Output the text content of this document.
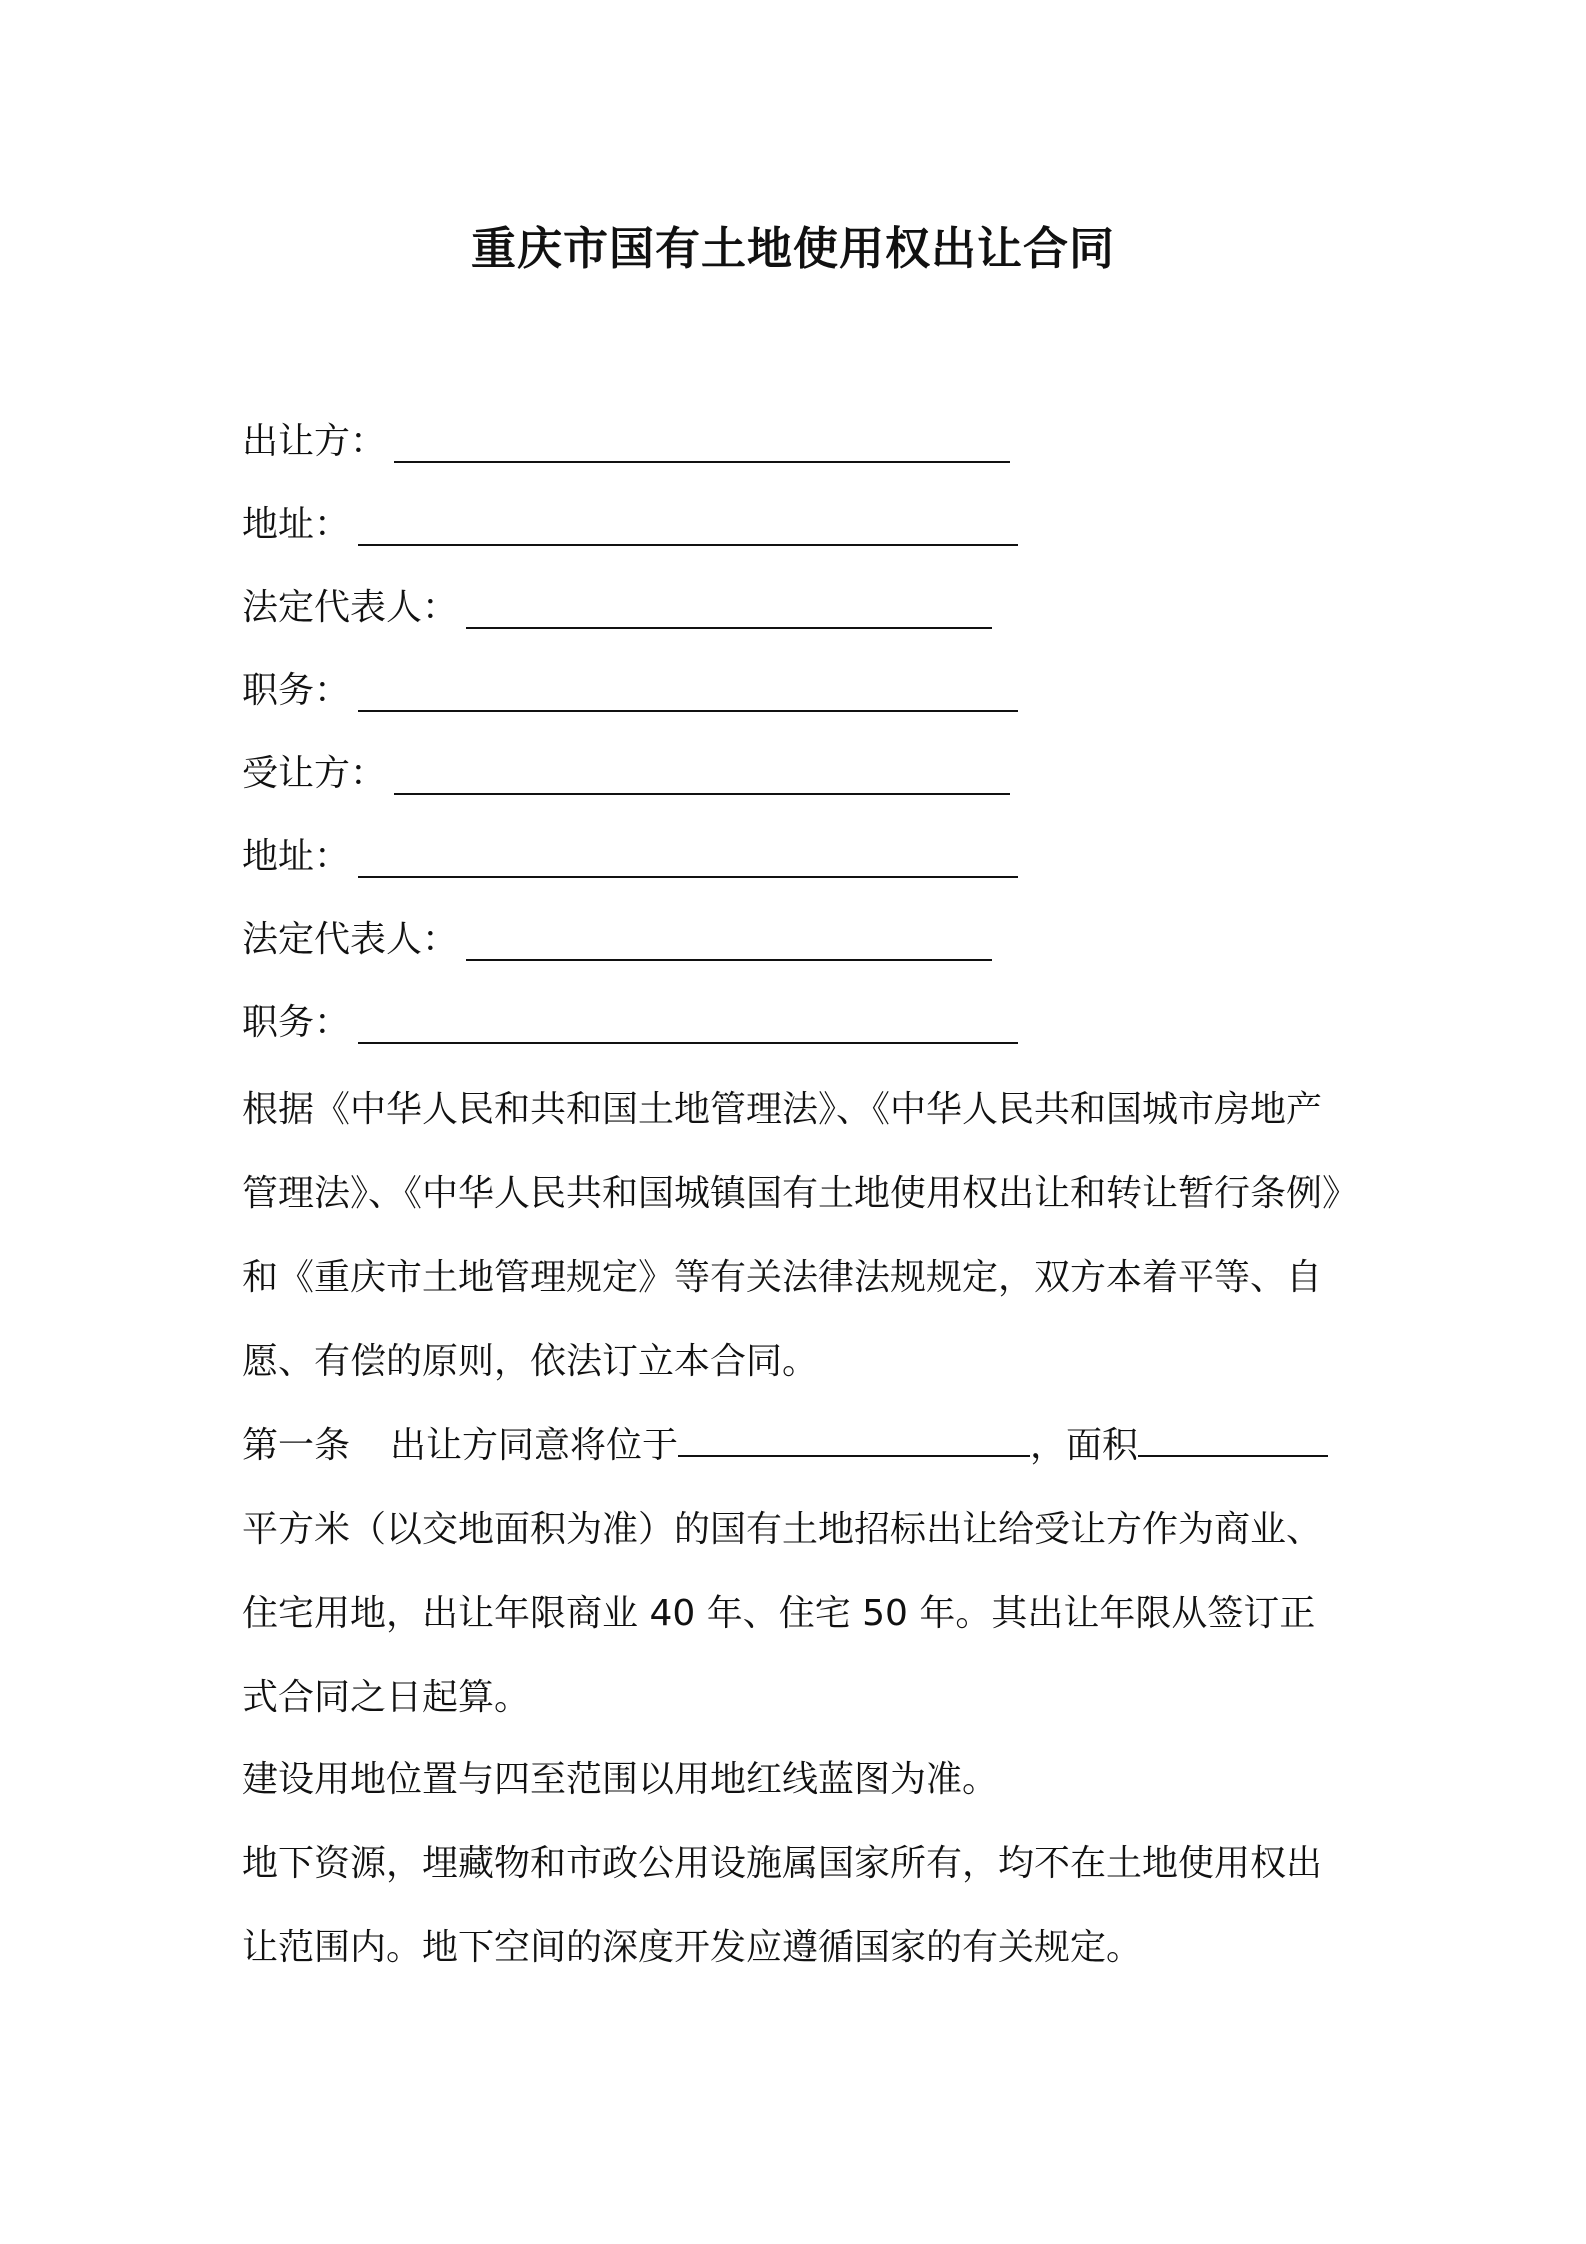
重庆市国有土地使用权出让合同
出让方：
地址：
法定代表人：
职务：
受让方：
地址：
法定代表人：
职务：
根据《中华人民和共和国土地管理法》、《中华人民共和国城市房地产
管理法》、《中华人民共和国城镇国有土地使用权出让和转让暂行条例》
和《重庆市土地管理规定》等有关法律法规规定，双方本着平等、自
愿、有偿的原则，依法订立本合同。
第一条 出让方同意将位于	，面积
平方米（以交地面积为准）的国有土地招标出让给受让方作为商业、
住宅用地，出让年限商业 40 年、住宅 50 年。其出让年限从签订正
式合同之日起算。
建设用地位置与四至范围以用地红线蓝图为准。
地下资源，埋藏物和市政公用设施属国家所有，均不在土地使用权出
让范围内。地下空间的深度开发应遵循国家的有关规定。
